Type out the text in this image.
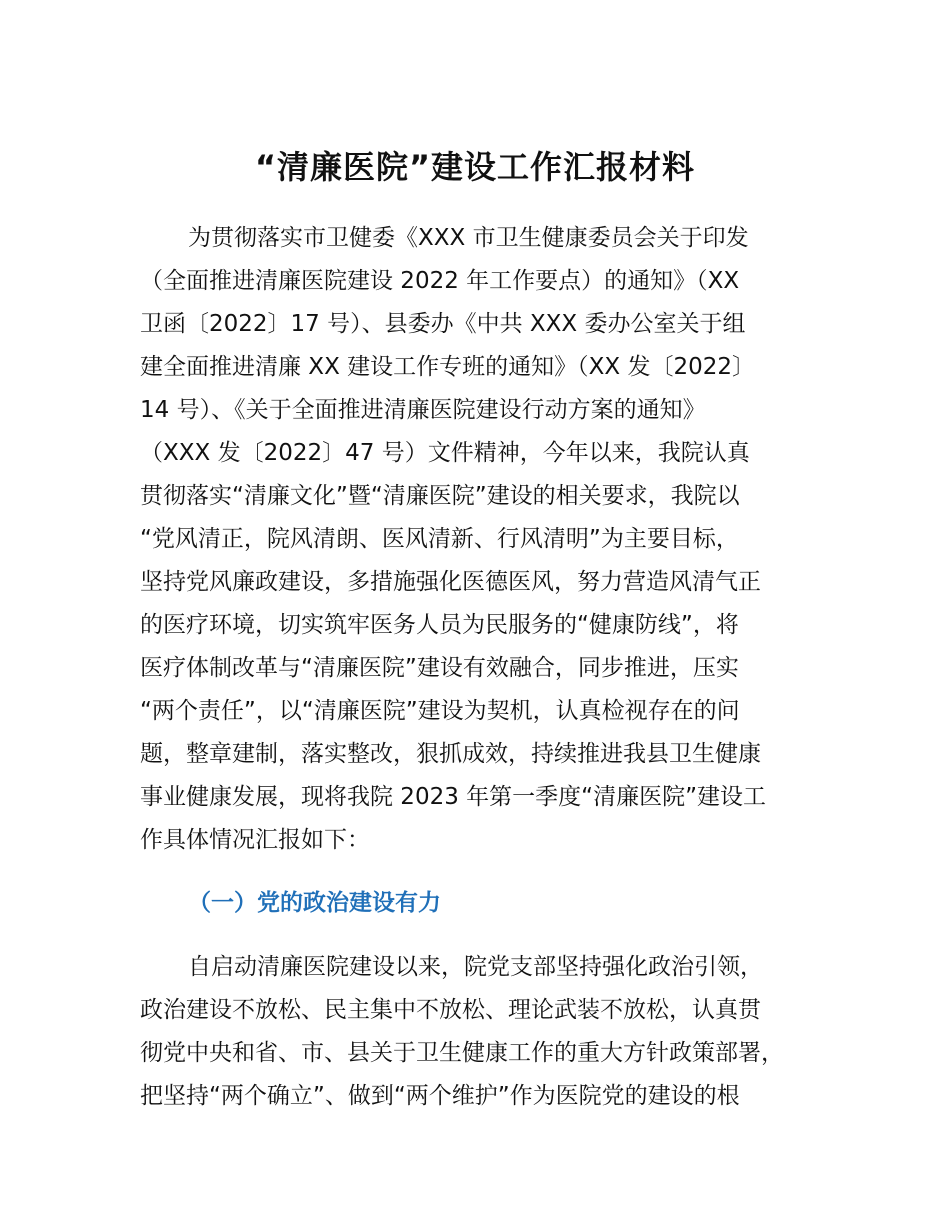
“清廉医院”建设工作汇报材料
为贯彻落实市卫健委《XXX 市卫生健康委员会关于印发
（全面推进清廉医院建设 2022 年工作要点）的通知》（XX
卫函〔2022〕17 号）、县委办《中共 XXX 委办公室关于组
建全面推进清廉 XX 建设工作专班的通知》（XX 发〔2022〕
14 号）、《关于全面推进清廉医院建设行动方案的通知》
（XXX 发〔2022〕47 号）文件精神，今年以来，我院认真
贯彻落实“清廉文化”暨“清廉医院”建设的相关要求，我院以
“党风清正，院风清朗、医风清新、行风清明”为主要目标，
坚持党风廉政建设，多措施强化医德医风，努力营造风清气正
的医疗环境，切实筑牢医务人员为民服务的“健康防线”，将
医疗体制改革与“清廉医院”建设有效融合，同步推进，压实
“两个责任”，以“清廉医院”建设为契机，认真检视存在的问
题，整章建制，落实整改，狠抓成效，持续推进我县卫生健康
事业健康发展，现将我院 2023 年第一季度“清廉医院”建设工
作具体情况汇报如下：
（一）党的政治建设有力
自启动清廉医院建设以来，院党支部坚持强化政治引领，
政治建设不放松、民主集中不放松、理论武装不放松，认真贯
彻党中央和省、市、县关于卫生健康工作的重大方针政策部署，
把坚持“两个确立”、做到“两个维护”作为医院党的建设的根
